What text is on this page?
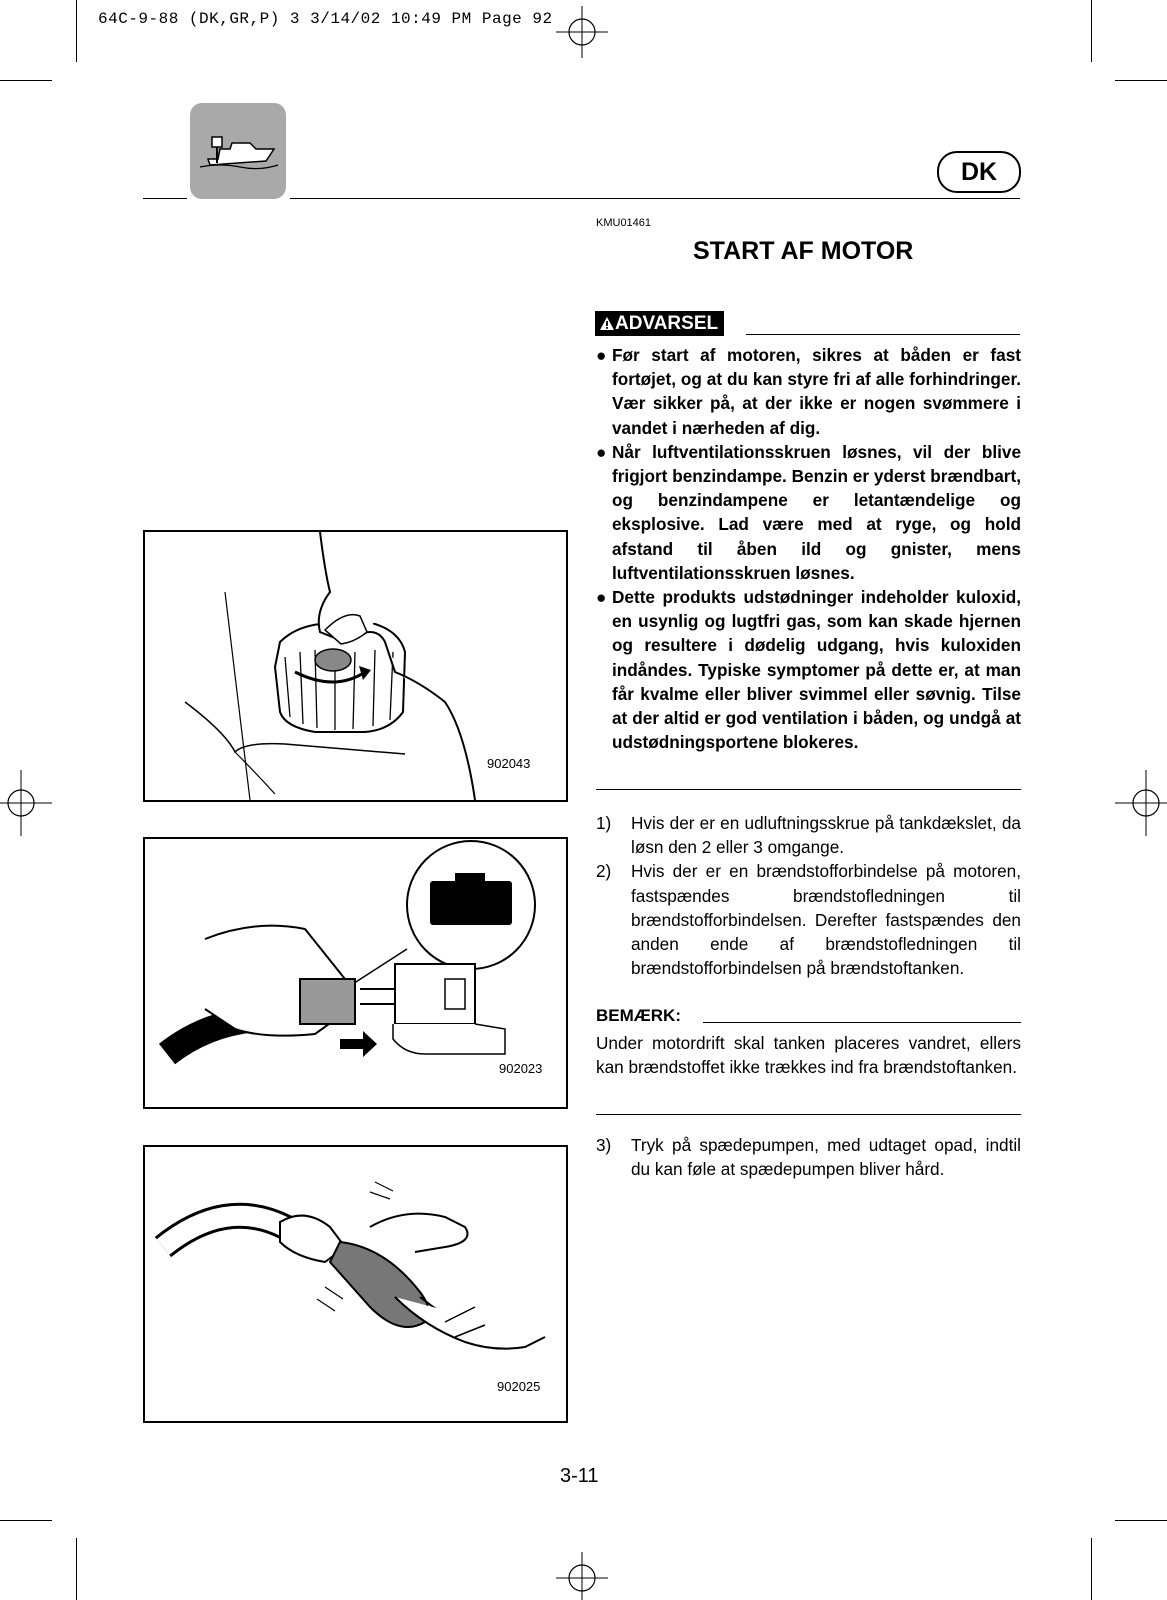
64C-9-88 (DK,GR,P) 3 3/14/02 10:49 PM Page 92
DK
KMU01461
START AF MOTOR
ADVARSEL
● Før start af motoren, sikres at båden er fast fortøjet, og at du kan styre fri af alle forhindringer. Vær sikker på, at der ikke er nogen svømmere i vandet i nærheden af dig.
● Når luftventilationsskruen løsnes, vil der blive frigjort benzindampe. Benzin er yderst brændbart, og benzindampene er letantændelige og eksplosive. Lad være med at ryge, og hold afstand til åben ild og gnister, mens luftventilationsskruen løsnes.
● Dette produkts udstødninger indeholder kuloxid, en usynlig og lugtfri gas, som kan skade hjernen og resultere i dødelig udgang, hvis kuloxiden indåndes. Typiske symptomer på dette er, at man får kvalme eller bliver svimmel eller søvnig. Tilse at der altid er god ventilation i båden, og undgå at udstødningsportene blokeres.
1) Hvis der er en udluftningsskrue på tankdækslet, da løsn den 2 eller 3 omgange.
2) Hvis der er en brændstofforbindelse på motoren, fastspændes brændstofledningen til brændstofforbindelsen. Derefter fastspændes den anden ende af brændstofledningen til brændstofforbindelsen på brændstoftanken.
BEMÆRK:
Under motordrift skal tanken placeres vandret, ellers kan brændstoffet ikke trækkes ind fra brændstoftanken.
3) Tryk på spædepumpen, med udtaget opad, indtil du kan føle at spædepumpen bliver hård.
902043
902023
902025
3-11
